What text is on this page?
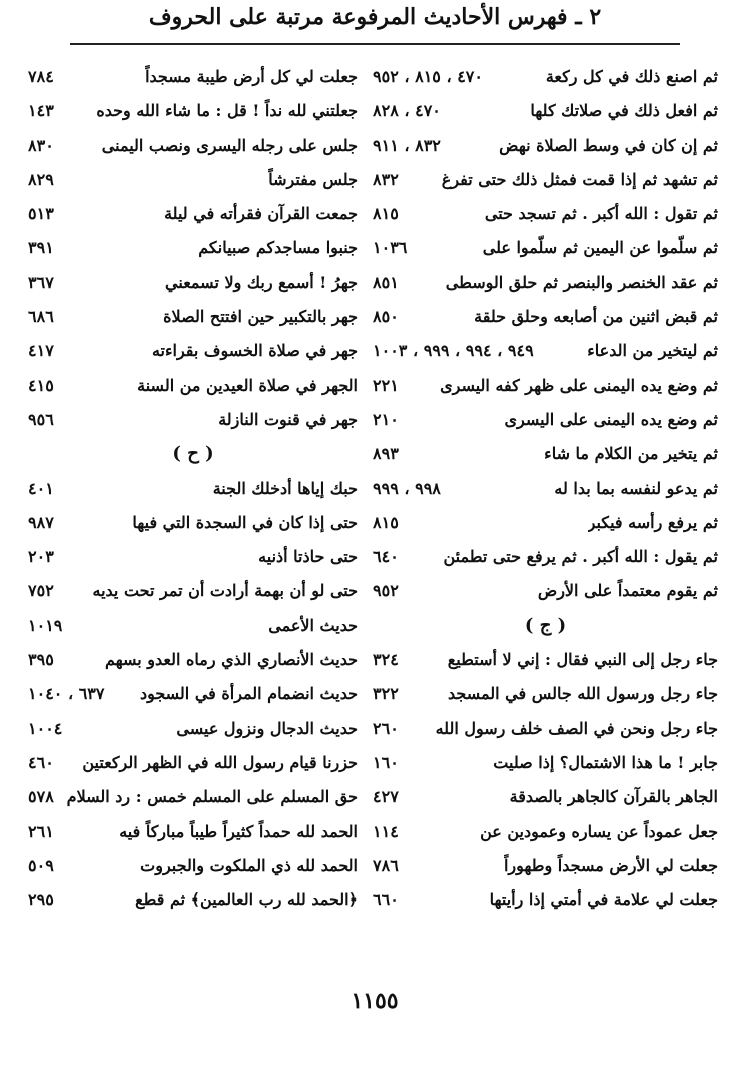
٢ ـ فهرس الأحاديث المرفوعة مرتبة على الحروف
جعلت لي كل أرض طيبة مسجداً
٧٨٤
جعلتني لله نداً ! قل : ما شاء الله وحده
١٤٣
جلس على رجله اليسرى ونصب اليمنى
٨٣٠
جلس مفترشاً
٨٢٩
جمعت القرآن فقرأته في ليلة
٥١٣
جنبوا مساجدكم صبيانكم
٣٩١
جهرُ ! أسمع ربك ولا تسمعني
٣٦٧
جهر بالتكبير حين افتتح الصلاة
٦٨٦
جهر في صلاة الخسوف بقراءته
٤١٧
الجهر في صلاة العيدين من السنة
٤١٥
جهر في قنوت النازلة
٩٥٦
( ح )
حبك إياها أدخلك الجنة
٤٠١
حتى إذا كان في السجدة التي فيها
٩٨٧
حتى حاذتا أذنيه
٢٠٣
حتى لو أن بهمة أرادت أن تمر تحت يديه
٧٥٢
حديث الأعمى
١٠١٩
حديث الأنصاري الذي رماه العدو بسهم
٣٩٥
حديث انضمام المرأة في السجود
٦٣٧ ، ١٠٤٠
حديث الدجال ونزول عيسى
١٠٠٤
حزرنا قيام رسول الله في الظهر الركعتين
٤٦٠
حق المسلم على المسلم خمس : رد السلام
٥٧٨
الحمد لله حمداً كثيراً طيباً مباركاً فيه
٢٦١
الحمد لله ذي الملكوت والجبروت
٥٠٩
﴿الحمد لله رب العالمين﴾ ثم قطع
٢٩٥
ثم اصنع ذلك في كل ركعة
٤٧٠ ، ٨١٥ ، ٩٥٢
ثم افعل ذلك في صلاتك كلها
٤٧٠ ، ٨٢٨
ثم إن كان في وسط الصلاة نهض
٨٣٢ ، ٩١١
ثم تشهد ثم إذا قمت فمثل ذلك حتى تفرغ
٨٣٢
ثم تقول : الله أكبر . ثم تسجد حتى
٨١٥
ثم سلّموا عن اليمين ثم سلّموا على
١٠٣٦
ثم عقد الخنصر والبنصر ثم حلق الوسطى
٨٥١
ثم قبض اثنين من أصابعه وحلق حلقة
٨٥٠
ثم ليتخير من الدعاء
٩٤٩ ، ٩٩٤ ، ٩٩٩ ، ١٠٠٣
ثم وضع يده اليمنى على ظهر كفه اليسرى
٢٢١
ثم وضع يده اليمنى على اليسرى
٢١٠
ثم يتخير من الكلام ما شاء
٨٩٣
ثم يدعو لنفسه بما بدا له
٩٩٨ ، ٩٩٩
ثم يرفع رأسه فيكبر
٨١٥
ثم يقول : الله أكبر . ثم يرفع حتى تطمئن
٦٤٠
ثم يقوم معتمداً على الأرض
٩٥٢
( ج )
جاء رجل إلى النبي فقال : إني لا أستطيع
٣٢٤
جاء رجل ورسول الله جالس في المسجد
٣٢٢
جاء رجل ونحن في الصف خلف رسول الله
٢٦٠
جابر ! ما هذا الاشتمال؟ إذا صليت
١٦٠
الجاهر بالقرآن كالجاهر بالصدقة
٤٢٧
جعل عموداً عن يساره وعمودين عن
١١٤
جعلت لي الأرض مسجداً وطهوراً
٧٨٦
جعلت لي علامة في أمتي إذا رأيتها
٦٦٠
١١٥٥
